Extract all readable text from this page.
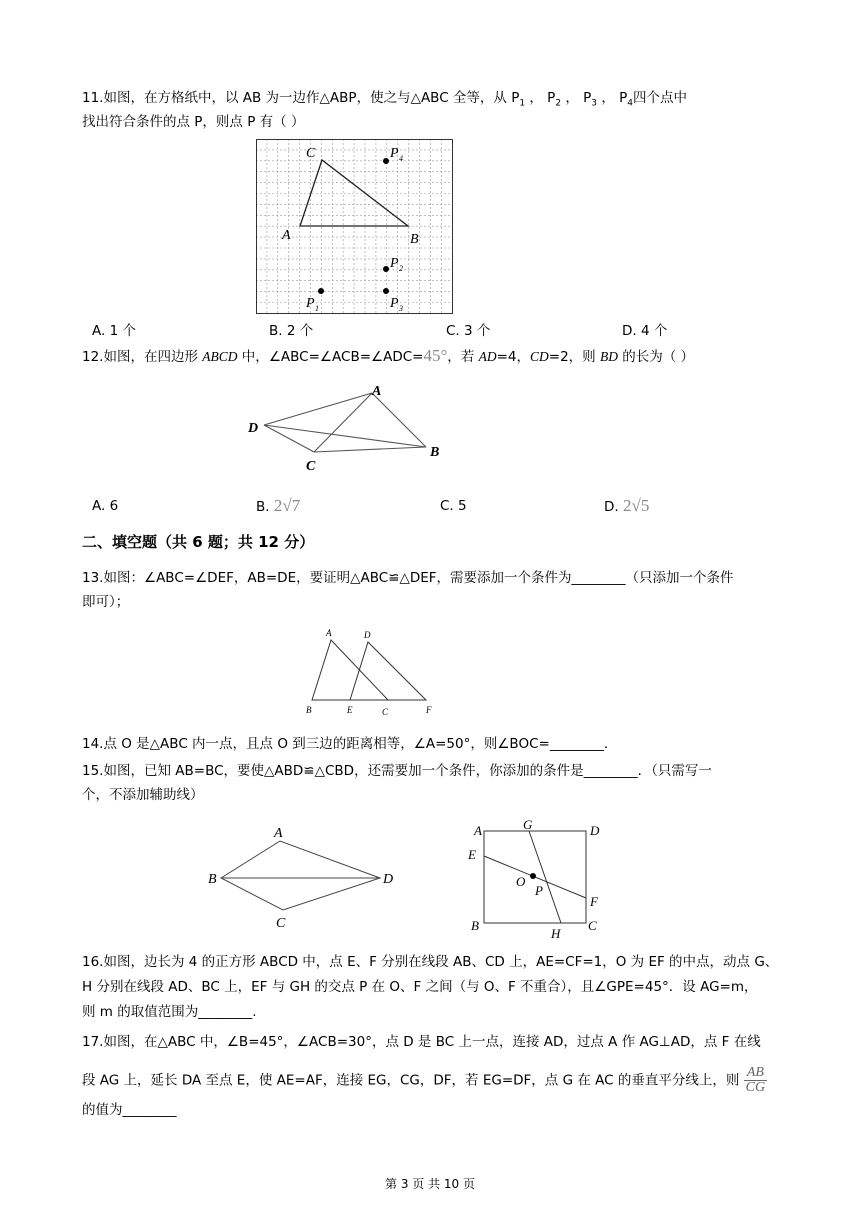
11.如图，在方格纸中，以 AB 为一边作△ABP，使之与△ABC 全等，从 $P_1$ ， $P_2$ ， $P_3$ ， $P_4$四个点中
找出符合条件的点 P，则点 P 有（ ）
C
A	B
P 4
P 2
P 1	P 3
A. 1 个	B. 2 个	C. 3 个	D. 4 个
12.如图，在四边形 ABCD 中，∠ABC=∠ACB=∠ADC=45°，若 AD=4，CD=2，则 BD 的长为（ ）
A
D
C
B
A. 6	B. 2√7	C. 5	D. 2√5
二、填空题（共 6 题；共 12 分）
13.如图：∠ABC=∠DEF，AB=DE，要证明△ABC≌△DEF，需要添加一个条件为________（只添加一个条件
即可）；
A	D
B	E	C	F
14.点 O 是△ABC 内一点，且点 O 到三边的距离相等，∠A=50°，则∠BOC=________.
15.如图，已知 AB=BC，要使△ABD≌△CBD，还需要加一个条件，你添加的条件是________．（只需写一
个，不添加辅助线）
A
B	D
C
A	G	D
E
O
P
F
B
H
C
16.如图，边长为 4 的正方形 ABCD 中，点 E、F 分别在线段 AB、CD 上，AE=CF=1，O 为 EF 的中点，动点 G、
H 分别在线段 AD、BC 上，EF 与 GH 的交点 P 在 O、F 之间（与 O、F 不重合），且∠GPE=45°．设 AG=m，
则 m 的取值范围为________.
17.如图，在△ABC 中，∠B=45°，∠ACB=30°，点 D 是 BC 上一点，连接 AD，过点 A 作 AG⊥AD，点 F 在线
段 AG 上，延长 DA 至点 E，使 AE=AF，连接 EG，CG，DF，若 EG=DF，点 G 在 AC 的垂直平分线上，则 $\frac{AB}{CG}$
的值为________
第 3 页 共 10 页
